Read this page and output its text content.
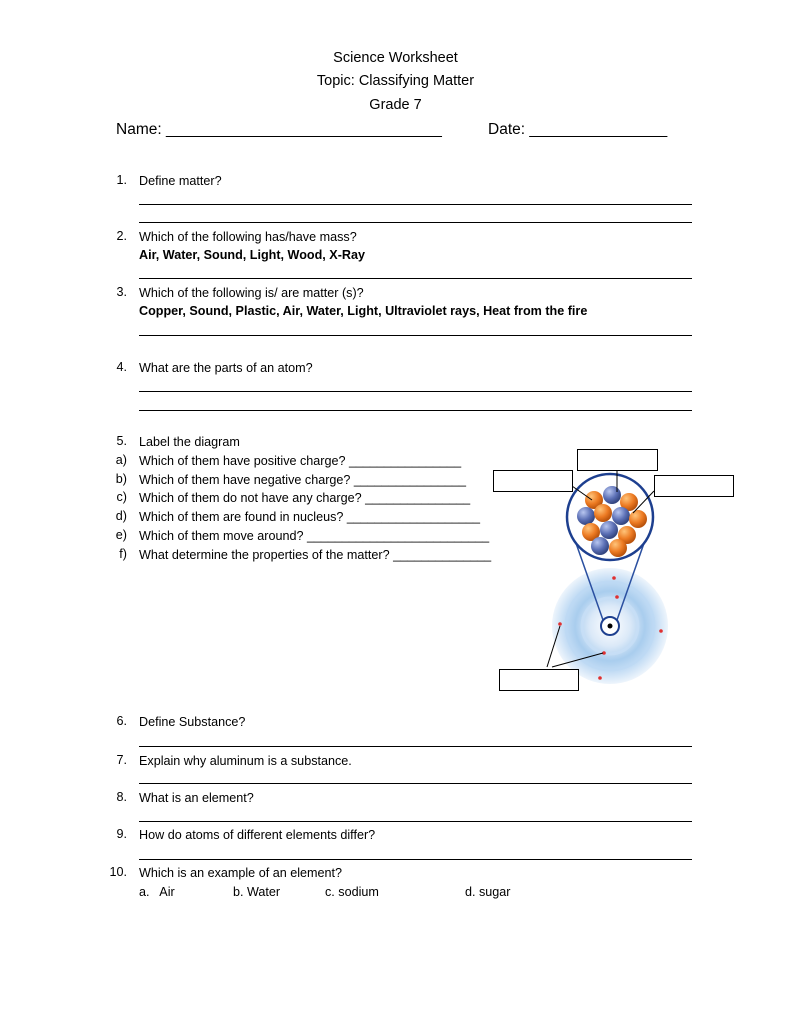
Science Worksheet
Topic: Classifying Matter
Grade 7
Name: ________________________________	Date: ________________
1. Define matter?
2. Which of the following has/have mass?
Air, Water, Sound, Light, Wood, X-Ray
3. Which of the following is/ are matter (s)?
Copper, Sound, Plastic, Air, Water, Light, Ultraviolet rays, Heat from the fire
4. What are the parts of an atom?
5. Label the diagram
a) Which of them have positive charge? ________________
b) Which of them have negative charge? ________________
c) Which of them do not have any charge? _______________
d) Which of them are found in nucleus? ___________________
e) Which of them move around? __________________________
f) What determine the properties of the matter? ______________
6. Define Substance?
7. Explain why aluminum is a substance.
8. What is an element?
9. How do atoms of different elements differ?
10. Which is an example of an element?
a.   Air	b. Water	c. sodium	d. sugar
